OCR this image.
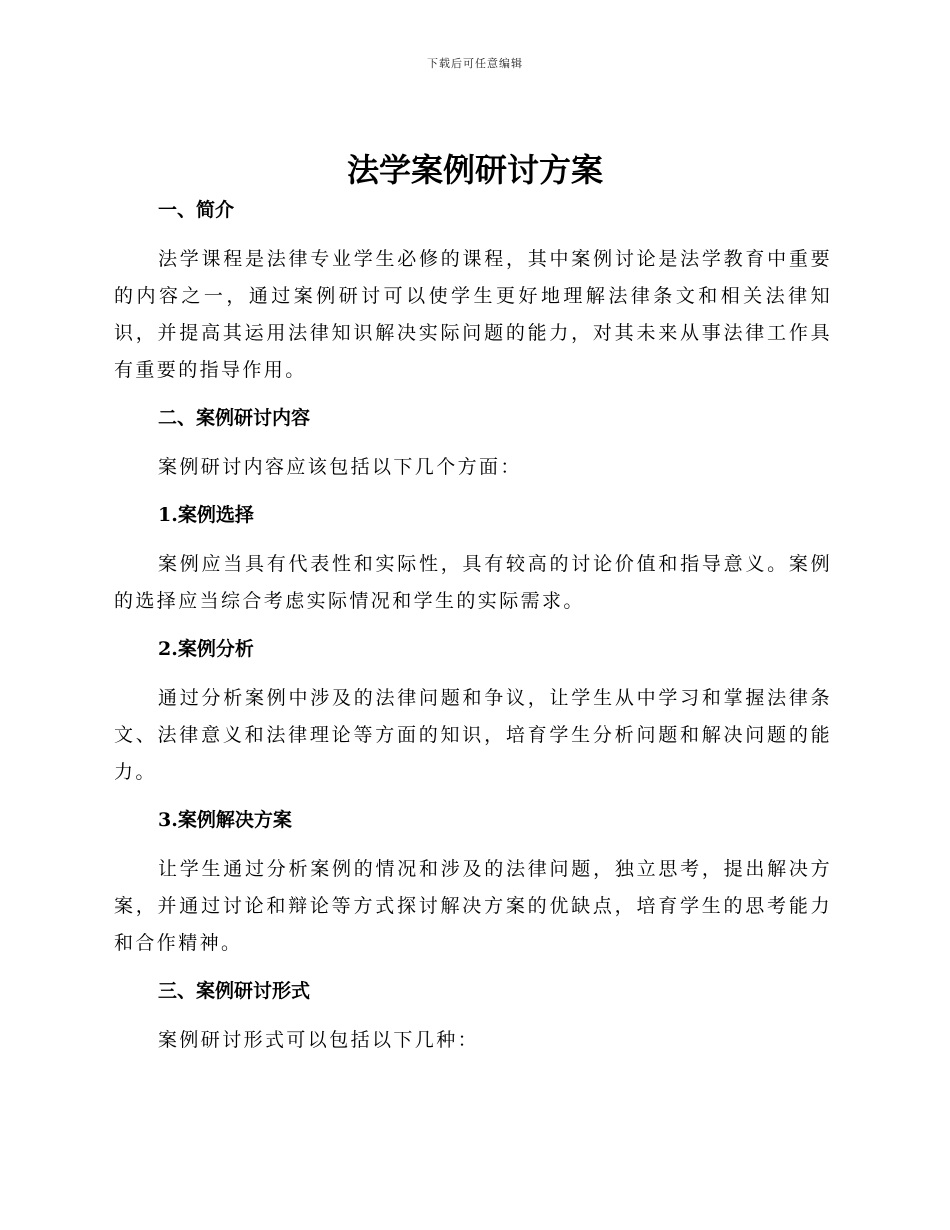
下载后可任意编辑
法学案例研讨方案
一、简介

法学课程是法律专业学生必修的课程，其中案例讨论是法学教育中重要的内容之一，通过案例研讨可以使学生更好地理解法律条文和相关法律知识，并提高其运用法律知识解决实际问题的能力，对其未来从事法律工作具有重要的指导作用。

二、案例研讨内容

案例研讨内容应该包括以下几个方面：

1.案例选择

案例应当具有代表性和实际性，具有较高的讨论价值和指导意义。案例的选择应当综合考虑实际情况和学生的实际需求。

2.案例分析

通过分析案例中涉及的法律问题和争议，让学生从中学习和掌握法律条文、法律意义和法律理论等方面的知识，培育学生分析问题和解决问题的能力。

3.案例解决方案

让学生通过分析案例的情况和涉及的法律问题，独立思考，提出解决方案，并通过讨论和辩论等方式探讨解决方案的优缺点，培育学生的思考能力和合作精神。

三、案例研讨形式

案例研讨形式可以包括以下几种：
